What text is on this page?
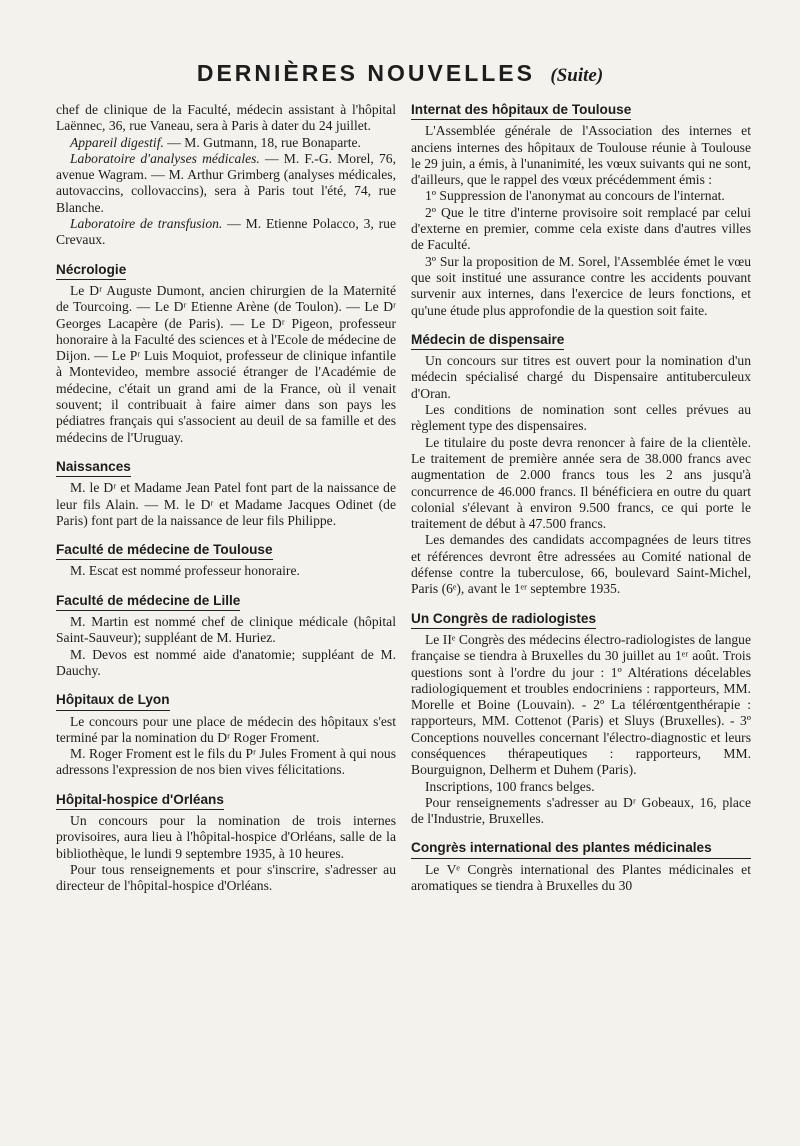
DERNIÈRES NOUVELLES (Suite)

chef de clinique de la Faculté, médecin assistant à l'hôpital Laënnec, 36, rue Vaneau, sera à Paris à dater du 24 juillet.

Appareil digestif. — M. Gutmann, 18, rue Bonaparte.

Laboratoire d'analyses médicales. — M. F.-G. Morel, 76, avenue Wagram. — M. Arthur Grimberg (analyses médicales, autovaccins, collovaccins), sera à Paris tout l'été, 74, rue Blanche.

Laboratoire de transfusion. — M. Etienne Polacco, 3, rue Crevaux.

Nécrologie

Le Dʳ Auguste Dumont, ancien chirurgien de la Maternité de Tourcoing. — Le Dʳ Etienne Arène (de Toulon). — Le Dʳ Georges Lacapère (de Paris). — Le Dʳ Pigeon, professeur honoraire à la Faculté des sciences et à l'Ecole de médecine de Dijon. — Le Pʳ Luis Moquiot, professeur de clinique infantile à Montevideo, membre associé étranger de l'Académie de médecine, c'était un grand ami de la France, où il venait souvent; il contribuait à faire aimer dans son pays les pédiatres français qui s'associent au deuil de sa famille et des médecins de l'Uruguay.

Naissances

M. le Dʳ et Madame Jean Patel font part de la naissance de leur fils Alain. — M. le Dʳ et Madame Jacques Odinet (de Paris) font part de la naissance de leur fils Philippe.

Faculté de médecine de Toulouse

M. Escat est nommé professeur honoraire.

Faculté de médecine de Lille

M. Martin est nommé chef de clinique médicale (hôpital Saint-Sauveur); suppléant de M. Huriez.

M. Devos est nommé aide d'anatomie; suppléant de M. Dauchy.

Hôpitaux de Lyon

Le concours pour une place de médecin des hôpitaux s'est terminé par la nomination du Dʳ Roger Froment.

M. Roger Froment est le fils du Pʳ Jules Froment à qui nous adressons l'expression de nos bien vives félicitations.

Hôpital-hospice d'Orléans

Un concours pour la nomination de trois internes provisoires, aura lieu à l'hôpital-hospice d'Orléans, salle de la bibliothèque, le lundi 9 septembre 1935, à 10 heures.

Pour tous renseignements et pour s'inscrire, s'adresser au directeur de l'hôpital-hospice d'Orléans.

Internat des hôpitaux de Toulouse

L'Assemblée générale de l'Association des internes et anciens internes des hôpitaux de Toulouse réunie à Toulouse le 29 juin, a émis, à l'unanimité, les vœux suivants qui ne sont, d'ailleurs, que le rappel des vœux précédemment émis :

1º Suppression de l'anonymat au concours de l'internat.

2º Que le titre d'interne provisoire soit remplacé par celui d'externe en premier, comme cela existe dans d'autres villes de Faculté.

3º Sur la proposition de M. Sorel, l'Assemblée émet le vœu que soit institué une assurance contre les accidents pouvant survenir aux internes, dans l'exercice de leurs fonctions, et qu'une étude plus approfondie de la question soit faite.

Médecin de dispensaire

Un concours sur titres est ouvert pour la nomination d'un médecin spécialisé chargé du Dispensaire antituberculeux d'Oran.

Les conditions de nomination sont celles prévues au règlement type des dispensaires.

Le titulaire du poste devra renoncer à faire de la clientèle. Le traitement de première année sera de 38.000 francs avec augmentation de 2.000 francs tous les 2 ans jusqu'à concurrence de 46.000 francs. Il bénéficiera en outre du quart colonial s'élevant à environ 9.500 francs, ce qui porte le traitement de début à 47.500 francs.

Les demandes des candidats accompagnées de leurs titres et références devront être adressées au Comité national de défense contre la tuberculose, 66, boulevard Saint-Michel, Paris (6ᵉ), avant le 1ᵉʳ septembre 1935.

Un Congrès de radiologistes

Le IIᵉ Congrès des médecins électro-radiologistes de langue française se tiendra à Bruxelles du 30 juillet au 1ᵉʳ août. Trois questions sont à l'ordre du jour : 1º Altérations décelables radiologiquement et troubles endocriniens : rapporteurs, MM. Morelle et Boine (Louvain). - 2º La télérœntgenthérapie : rapporteurs, MM. Cottenot (Paris) et Sluys (Bruxelles). - 3º Conceptions nouvelles concernant l'électro-diagnostic et leurs conséquences thérapeutiques : rapporteurs, MM. Bourguignon, Delherm et Duhem (Paris).

Inscriptions, 100 francs belges.

Pour renseignements s'adresser au Dʳ Gobeaux, 16, place de l'Industrie, Bruxelles.

Congrès international des plantes médicinales

Le Vᵉ Congrès international des Plantes médicinales et aromatiques se tiendra à Bruxelles du 30
